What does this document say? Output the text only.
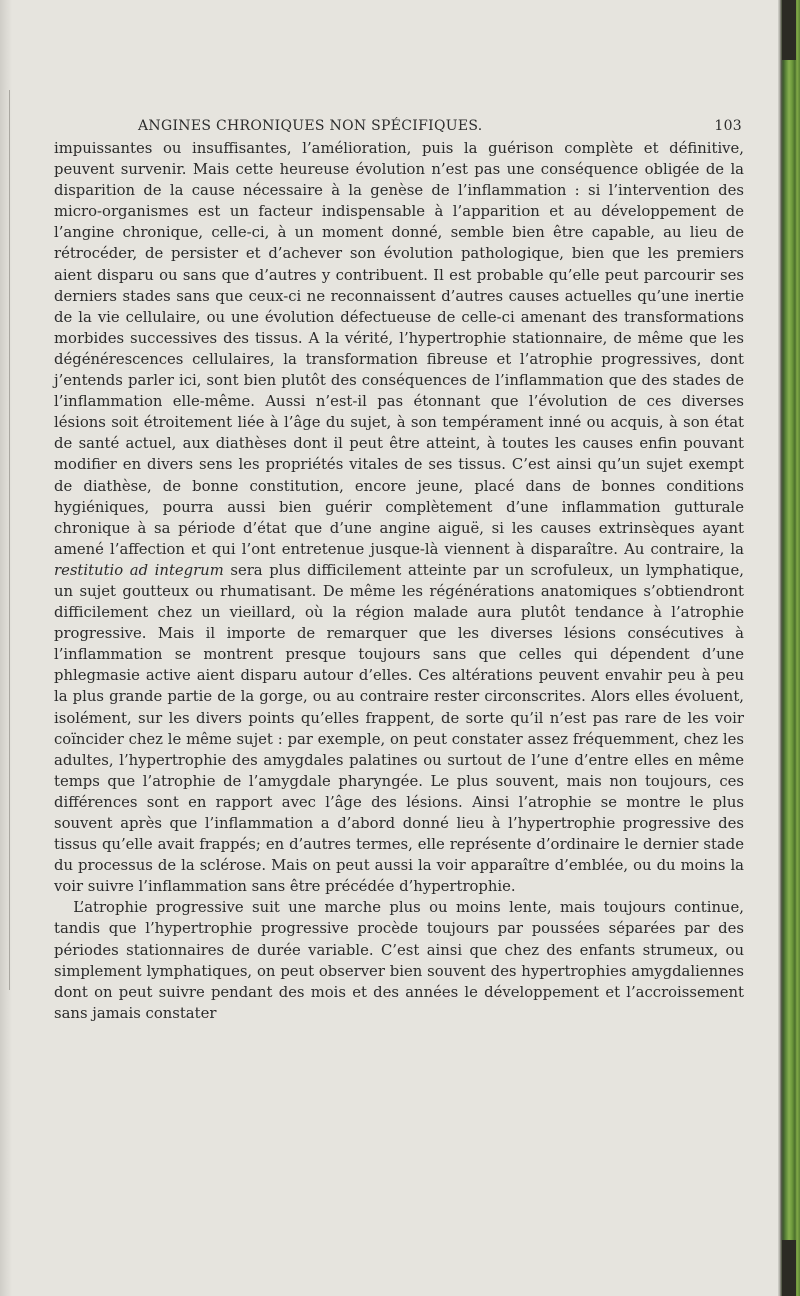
ANGINES CHRONIQUES NON SPÉCIFIQUES.	103

impuissantes ou insuffisantes, l’amélioration, puis la guérison complète et définitive, peuvent survenir. Mais cette heureuse évolution n’est pas une conséquence obligée de la disparition de la cause nécessaire à la genèse de l’inflammation : si l’intervention des micro-organismes est un facteur indispensable à l’apparition et au développement de l’angine chronique, celle-ci, à un moment donné, semble bien être capable, au lieu de rétrocéder, de persister et d’achever son évolution pathologique, bien que les premiers aient disparu ou sans que d’autres y contribuent. Il est probable qu’elle peut parcourir ses derniers stades sans que ceux-ci ne reconnaissent d’autres causes actuelles qu’une inertie de la vie cellulaire, ou une évolution défectueuse de celle-ci amenant des transformations morbides successives des tissus. A la vérité, l’hypertrophie stationnaire, de même que les dégénérescences cellulaires, la transformation fibreuse et l’atrophie progressives, dont j’entends parler ici, sont bien plutôt des conséquences de l’inflammation que des stades de l’inflammation elle-même. Aussi n’est-il pas étonnant que l’évolution de ces diverses lésions soit étroitement liée à l’âge du sujet, à son tempérament inné ou acquis, à son état de santé actuel, aux diathèses dont il peut être atteint, à toutes les causes enfin pouvant modifier en divers sens les propriétés vitales de ses tissus. C’est ainsi qu’un sujet exempt de diathèse, de bonne constitution, encore jeune, placé dans de bonnes conditions hygiéniques, pourra aussi bien guérir complètement d’une inflammation gutturale chronique à sa période d’état que d’une angine aiguë, si les causes extrinsèques ayant amené l’affection et qui l’ont entretenue jusque-là viennent à disparaître. Au contraire, la restitutio ad integrum sera plus difficilement atteinte par un scrofuleux, un lymphatique, un sujet goutteux ou rhumatisant. De même les régénérations anatomiques s’obtiendront difficilement chez un vieillard, où la région malade aura plutôt tendance à l’atrophie progressive. Mais il importe de remarquer que les diverses lésions consécutives à l’inflammation se montrent presque toujours sans que celles qui dépendent d’une phlegmasie active aient disparu autour d’elles. Ces altérations peuvent envahir peu à peu la plus grande partie de la gorge, ou au contraire rester circonscrites. Alors elles évoluent, isolément, sur les divers points qu’elles frappent, de sorte qu’il n’est pas rare de les voir coïncider chez le même sujet : par exemple, on peut constater assez fréquemment, chez les adultes, l’hypertrophie des amygdales palatines ou surtout de l’une d’entre elles en même temps que l’atrophie de l’amygdale pharyngée. Le plus souvent, mais non toujours, ces différences sont en rapport avec l’âge des lésions. Ainsi l’atrophie se montre le plus souvent après que l’inflammation a d’abord donné lieu à l’hypertrophie progressive des tissus qu’elle avait frappés; en d’autres termes, elle représente d’ordinaire le dernier stade du processus de la sclérose. Mais on peut aussi la voir apparaître d’emblée, ou du moins la voir suivre l’inflammation sans être précédée d’hypertrophie.

L’atrophie progressive suit une marche plus ou moins lente, mais toujours continue, tandis que l’hypertrophie progressive procède toujours par poussées séparées par des périodes stationnaires de durée variable. C’est ainsi que chez des enfants strumeux, ou simplement lymphatiques, on peut observer bien souvent des hypertrophies amygdaliennes dont on peut suivre pendant des mois et des années le développement et l’accroissement sans jamais constater
